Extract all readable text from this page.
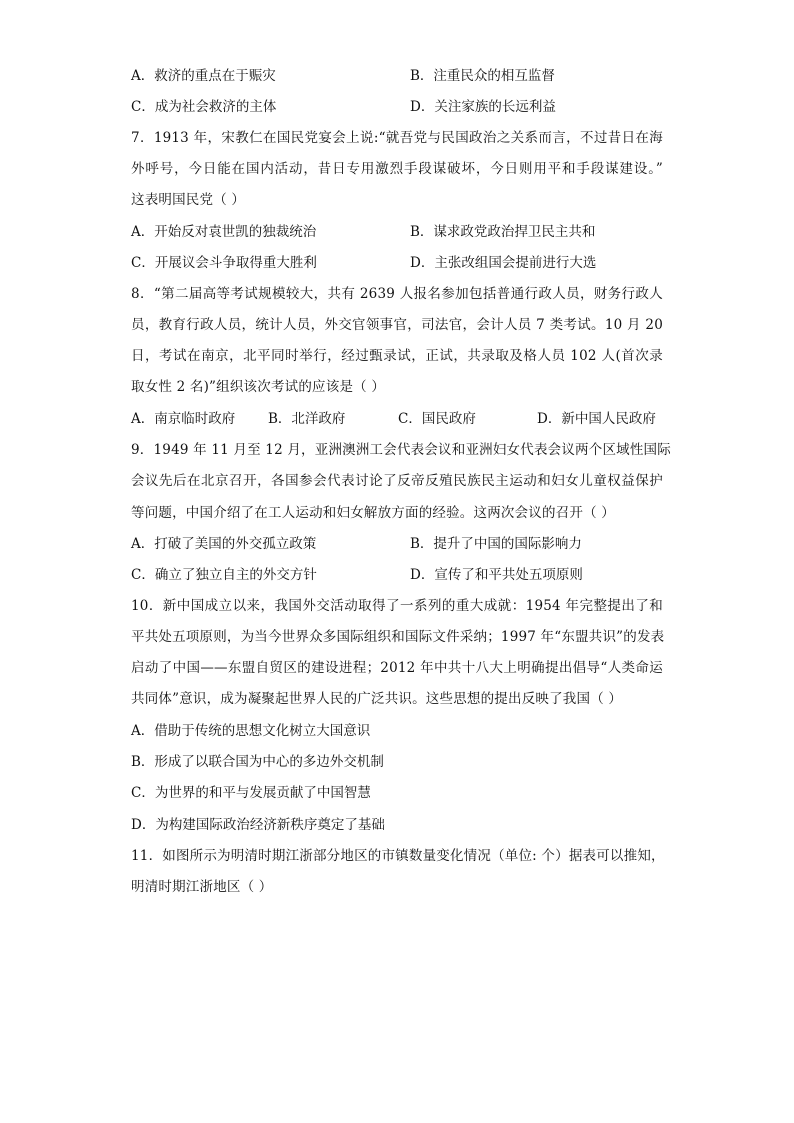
A．救济的重点在于赈灾	B．注重民众的相互监督
C．成为社会救济的主体	D．关注家族的长远利益
7．1913 年，宋教仁在国民党宴会上说:“就吾党与民国政治之关系而言，不过昔日在海
外呼号，今日能在国内活动，昔日专用激烈手段谋破坏，今日则用平和手段谋建设。”
这表明国民党（ ）
A．开始反对袁世凯的独裁统治	B．谋求政党政治捍卫民主共和
C．开展议会斗争取得重大胜利	D．主张改组国会提前进行大选
8．“第二届高等考试规模较大，共有 2639 人报名参加包括普通行政人员，财务行政人
员，教育行政人员，统计人员，外交官领事官，司法官，会计人员 7 类考试。10 月 20
日，考试在南京，北平同时举行，经过甄录试，正试，共录取及格人员 102 人(首次录
取女性 2 名)”组织该次考试的应该是（ ）
A．南京临时政府 B．北洋政府	C．国民政府	D．新中国人民政府
9．1949 年 11 月至 12 月，亚洲澳洲工会代表会议和亚洲妇女代表会议两个区域性国际
会议先后在北京召开，各国参会代表讨论了反帝反殖民族民主运动和妇女儿童权益保护
等问题，中国介绍了在工人运动和妇女解放方面的经验。这两次会议的召开（ ）
A．打破了美国的外交孤立政策	B．提升了中国的国际影响力
C．确立了独立自主的外交方针	D．宣传了和平共处五项原则
10．新中国成立以来，我国外交活动取得了一系列的重大成就：1954 年完整提出了和
平共处五项原则，为当今世界众多国际组织和国际文件采纳；1997 年“东盟共识”的发表
启动了中国——东盟自贸区的建设进程；2012 年中共十八大上明确提出倡导“人类命运
共同体”意识，成为凝聚起世界人民的广泛共识。这些思想的提出反映了我国（ ）
A．借助于传统的思想文化树立大国意识
B．形成了以联合国为中心的多边外交机制
C．为世界的和平与发展贡献了中国智慧
D．为构建国际政治经济新秩序奠定了基础
11．如图所示为明清时期江浙部分地区的市镇数量变化情况（单位: 个）据表可以推知，
明清时期江浙地区（ ）
